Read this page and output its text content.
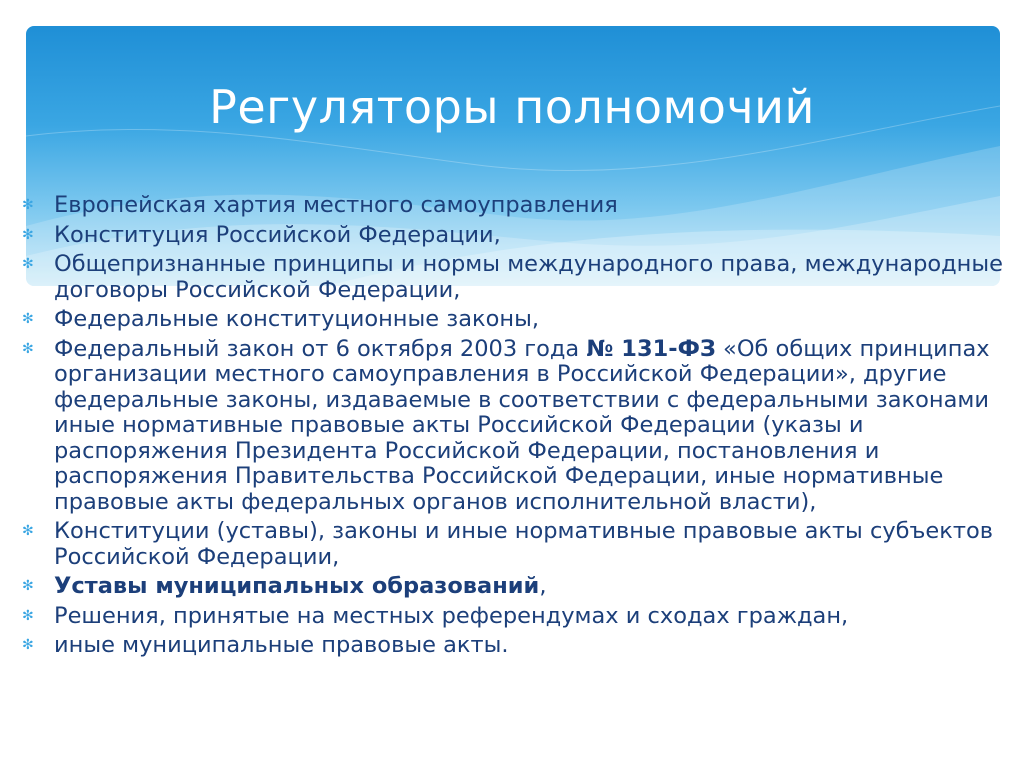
Регуляторы полномочий
✻ Европейская хартия местного самоуправления
✻ Конституция Российской Федерации,
✻ Общепризнанные принципы и нормы международного права, международные договоры Российской Федерации,
✻ Федеральные конституционные законы,
✻ Федеральный закон от 6 октября 2003 года № 131-ФЗ «Об общих принципах организации местного самоуправления в Российской Федерации», другие федеральные законы, издаваемые в соответствии с федеральными законами иные нормативные правовые акты Российской Федерации (указы и распоряжения Президента Российской Федерации, постановления и распоряжения Правительства Российской Федерации, иные нормативные правовые акты федеральных органов исполнительной власти),
✻ Конституции (уставы), законы и иные нормативные правовые акты субъектов Российской Федерации,
✻ Уставы муниципальных образований,
✻ Решения, принятые на местных референдумах и сходах граждан,
✻ иные муниципальные правовые акты.
